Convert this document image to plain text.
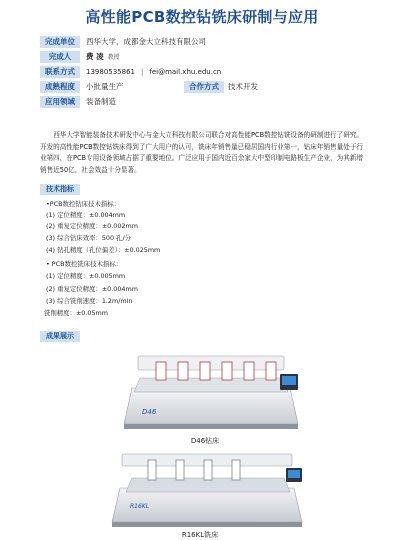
高性能PCB数控钻铣床研制与应用
完成单位	西华大学，成都金大立科技有限公司
完成人	费 凌 教授
联系方式	13980535861 | fei@mail.xhu.edu.cn
成熟程度	小批量生产	合作方式	技术开发
应用领域	装备制造

西华大学智能装备技术研发中心与金大立科技有限公司联合对高性能PCB数控钻铣设备的研制进行了研究。开发的高性能PCB数控钻铣床得到了广大用户的认可，铣床年销售量已稳居国内行业第一，钻床年销售量处于行业第四，在PCB专用设备领域占据了重要地位。广泛应用于国内近百余家大中型印制电路板生产企业，为其新增销售近50亿，社会效益十分显著。

技术指标
•PCB数控钻床技术指标：
(1) 定位精度：±0.004mm
(2) 重复定位精度：±0.002mm
(3) 综合钻床效率：500 孔/分
(4) 钻孔精度（孔位偏差）：±0.025mm
• PCB数控铣床技术指标：
(1) 定位精度：±0.005mm
(2) 重复定位精度：±0.004mm
(3) 综合铣削速度：1.2m/min
铣削精度：±0.05mm
成果展示
D46
D46钻床
R16KL
R16KL铣床
